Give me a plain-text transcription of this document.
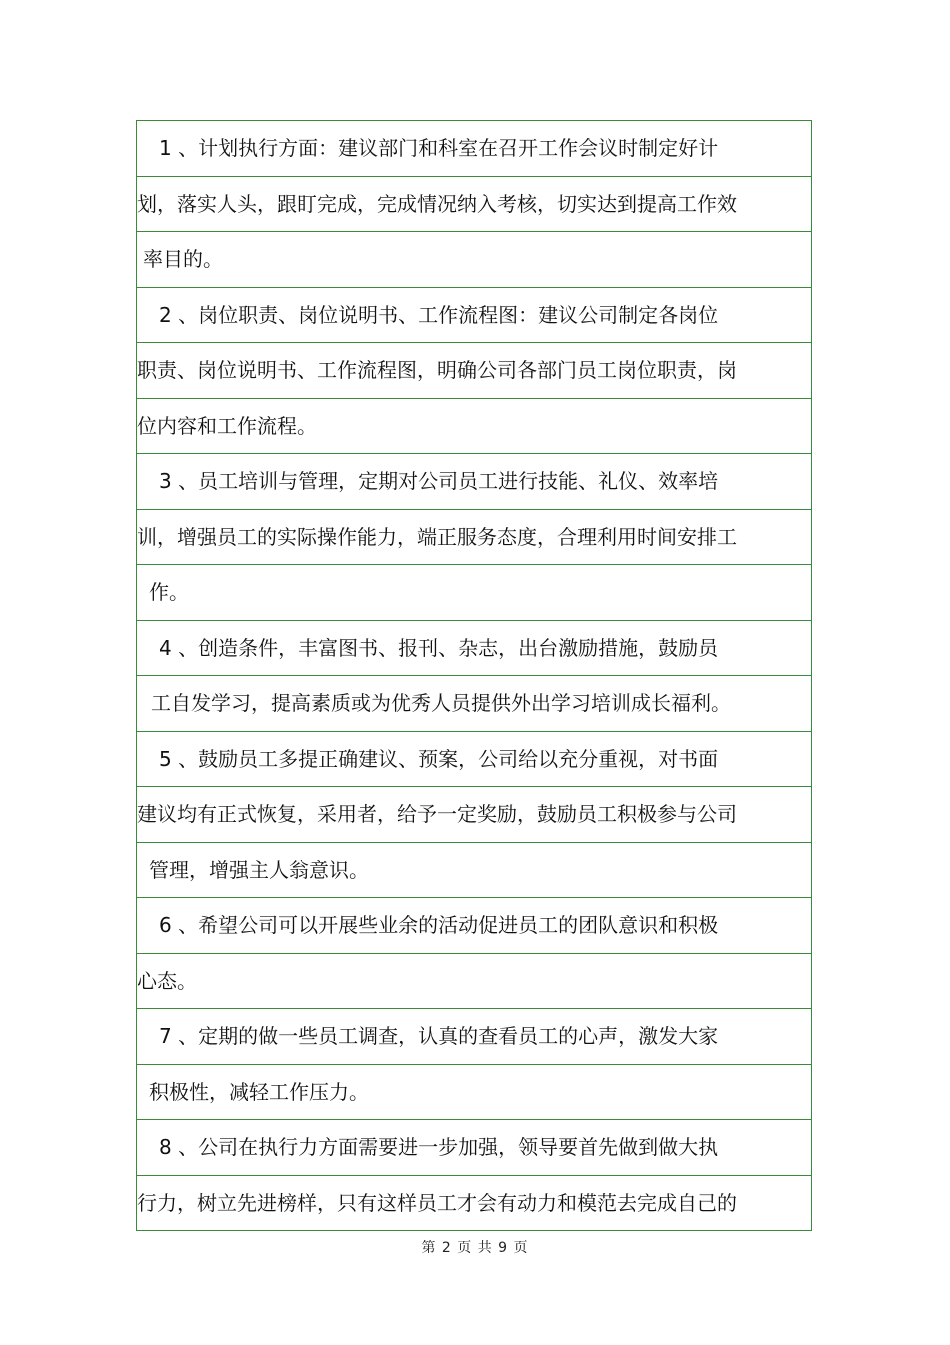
1 、计划执行方面：建议部门和科室在召开工作会议时制定好计
划，落实人头，跟盯完成，完成情况纳入考核，切实达到提高工作效
率目的。
2 、岗位职责、岗位说明书、工作流程图：建议公司制定各岗位
职责、岗位说明书、工作流程图，明确公司各部门员工岗位职责，岗
位内容和工作流程。
3 、员工培训与管理，定期对公司员工进行技能、礼仪、效率培
训，增强员工的实际操作能力，端正服务态度，合理利用时间安排工
作。
4 、创造条件，丰富图书、报刊、杂志，出台激励措施，鼓励员
工自发学习，提高素质或为优秀人员提供外出学习培训成长福利。
5 、鼓励员工多提正确建议、预案，公司给以充分重视，对书面
建议均有正式恢复，采用者，给予一定奖励，鼓励员工积极参与公司
管理，增强主人翁意识。
6 、希望公司可以开展些业余的活动促进员工的团队意识和积极
心态。
7 、定期的做一些员工调查，认真的查看员工的心声，激发大家
积极性，减轻工作压力。
8 、公司在执行力方面需要进一步加强，领导要首先做到做大执
行力，树立先进榜样，只有这样员工才会有动力和模范去完成自己的
第 2 页 共 9 页
